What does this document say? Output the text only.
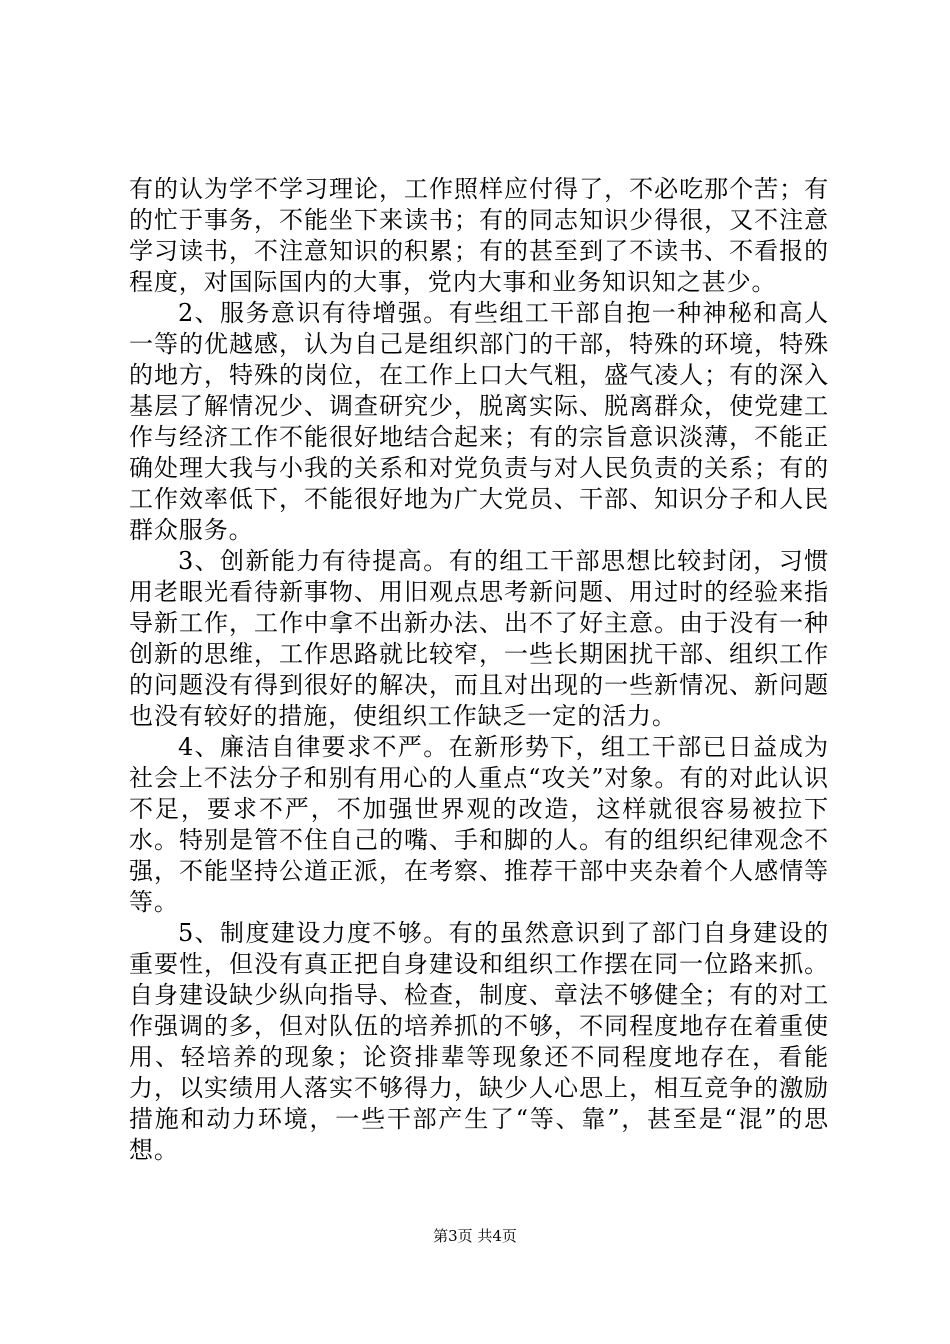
有的认为学不学习理论，工作照样应付得了，不必吃那个苦；有的忙于事务，不能坐下来读书；有的同志知识少得很，又不注意学习读书，不注意知识的积累；有的甚至到了不读书、不看报的程度，对国际国内的大事，党内大事和业务知识知之甚少。

2、服务意识有待增强。有些组工干部自抱一种神秘和高人一等的优越感，认为自己是组织部门的干部，特殊的环境，特殊的地方，特殊的岗位，在工作上口大气粗，盛气凌人；有的深入基层了解情况少、调查研究少，脱离实际、脱离群众，使党建工作与经济工作不能很好地结合起来；有的宗旨意识淡薄，不能正确处理大我与小我的关系和对党负责与对人民负责的关系；有的工作效率低下，不能很好地为广大党员、干部、知识分子和人民群众服务。

3、创新能力有待提高。有的组工干部思想比较封闭，习惯用老眼光看待新事物、用旧观点思考新问题、用过时的经验来指导新工作，工作中拿不出新办法、出不了好主意。由于没有一种创新的思维，工作思路就比较窄，一些长期困扰干部、组织工作的问题没有得到很好的解决，而且对出现的一些新情况、新问题也没有较好的措施，使组织工作缺乏一定的活力。

4、廉洁自律要求不严。在新形势下，组工干部已日益成为社会上不法分子和别有用心的人重点“攻关”对象。有的对此认识不足，要求不严，不加强世界观的改造，这样就很容易被拉下水。特别是管不住自己的嘴、手和脚的人。有的组织纪律观念不强，不能坚持公道正派，在考察、推荐干部中夹杂着个人感情等等。

5、制度建设力度不够。有的虽然意识到了部门自身建设的重要性，但没有真正把自身建设和组织工作摆在同一位路来抓。自身建设缺少纵向指导、检查，制度、章法不够健全；有的对工作强调的多，但对队伍的培养抓的不够，不同程度地存在着重使用、轻培养的现象；论资排辈等现象还不同程度地存在，看能力，以实绩用人落实不够得力，缺少人心思上，相互竞争的激励措施和动力环境，一些干部产生了“等、靠”，甚至是“混”的思想。

第3页 共4页
